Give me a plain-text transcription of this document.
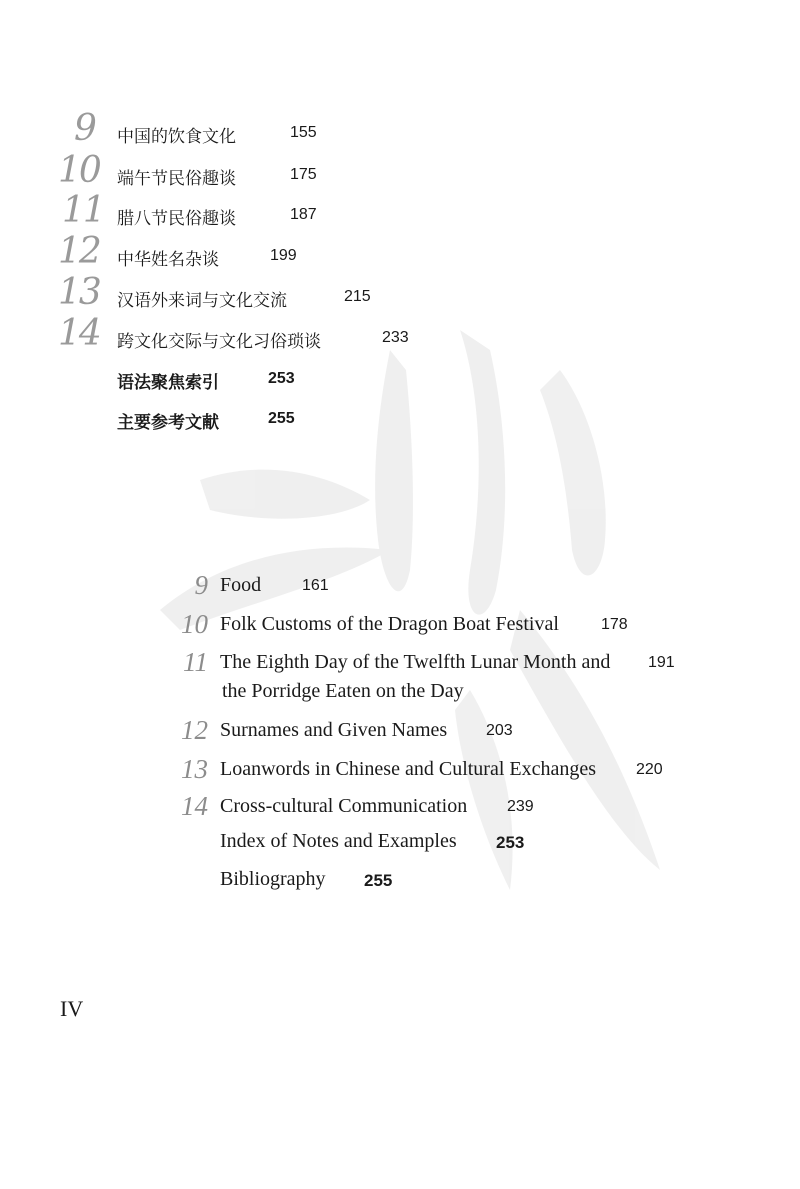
9 中国的饮食文化	155
10 端午节民俗趣谈	175
11 腊八节民俗趣谈	187
12 中华姓名杂谈	199
13 汉语外来词与文化交流	215
14 跨文化交际与文化习俗琐谈	233
语法聚焦索引	253
主要参考文献	255
9 Food	161
10 Folk Customs of the Dragon Boat Festival	178
11 The Eighth Day of the Twelfth Lunar Month and 191
the Porridge Eaten on the Day
12 Surnames and Given Names 203
13 Loanwords in Chinese and Cultural Exchanges 220
14 Cross-cultural Communication 239
Index of Notes and Examples 253
Bibliography 255
IV
